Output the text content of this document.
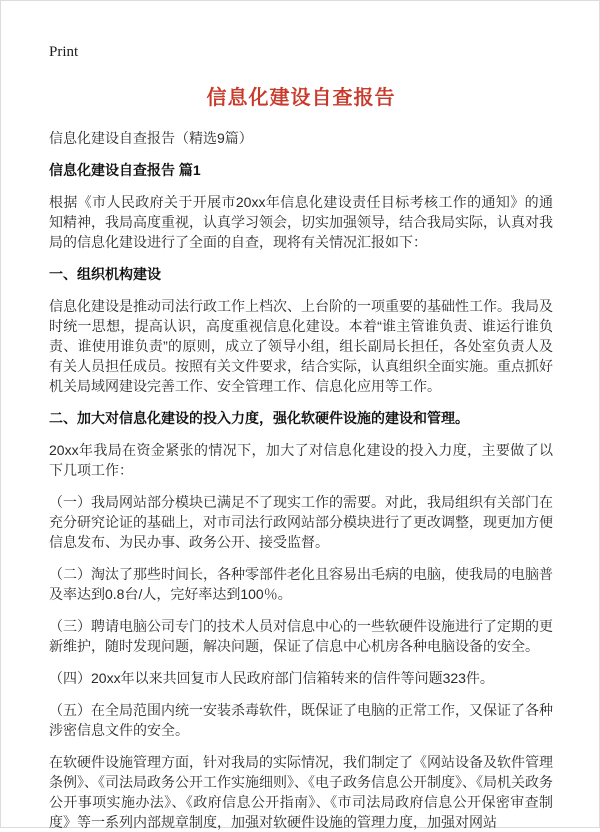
Print
信息化建设自查报告

信息化建设自查报告（精选9篇）

信息化建设自查报告 篇1

根据《市人民政府关于开展市20xx年信息化建设责任目标考核工作的通知》的通知精神，我局高度重视，认真学习领会，切实加强领导，结合我局实际，认真对我局的信息化建设进行了全面的自查，现将有关情况汇报如下：

一、组织机构建设

信息化建设是推动司法行政工作上档次、上台阶的一项重要的基础性工作。我局及时统一思想，提高认识，高度重视信息化建设。本着“谁主管谁负责、谁运行谁负责、谁使用谁负责”的原则，成立了领导小组，组长副局长担任，各处室负责人及有关人员担任成员。按照有关文件要求，结合实际，认真组织全面实施。重点抓好机关局域网建设完善工作、安全管理工作、信息化应用等工作。

二、加大对信息化建设的投入力度，强化软硬件设施的建设和管理。

20xx年我局在资金紧张的情况下，加大了对信息化建设的投入力度，主要做了以下几项工作：

（一）我局网站部分模块已满足不了现实工作的需要。对此，我局组织有关部门在充分研究论证的基础上，对市司法行政网站部分模块进行了更改调整，现更加方便信息发布、为民办事、政务公开、接受监督。

（二）淘汰了那些时间长，各种零部件老化且容易出毛病的电脑，使我局的电脑普及率达到0.8台/人，完好率达到100％。

（三）聘请电脑公司专门的技术人员对信息中心的一些软硬件设施进行了定期的更新维护，随时发现问题，解决问题，保证了信息中心机房各种电脑设备的安全。

（四）20xx年以来共回复市人民政府部门信箱转来的信件等问题323件。

（五）在全局范围内统一安装杀毒软件，既保证了电脑的正常工作，又保证了各种涉密信息文件的安全。

在软硬件设施管理方面，针对我局的实际情况，我们制定了《网站设备及软件管理条例》、《司法局政务公开工作实施细则》、《电子政务信息公开制度》、《局机关政务公开事项实施办法》、《政府信息公开指南》、《市司法局政府信息公开保密审查制度》等一系列内部规章制度，加强对软硬件设施的管理力度，加强对网站
